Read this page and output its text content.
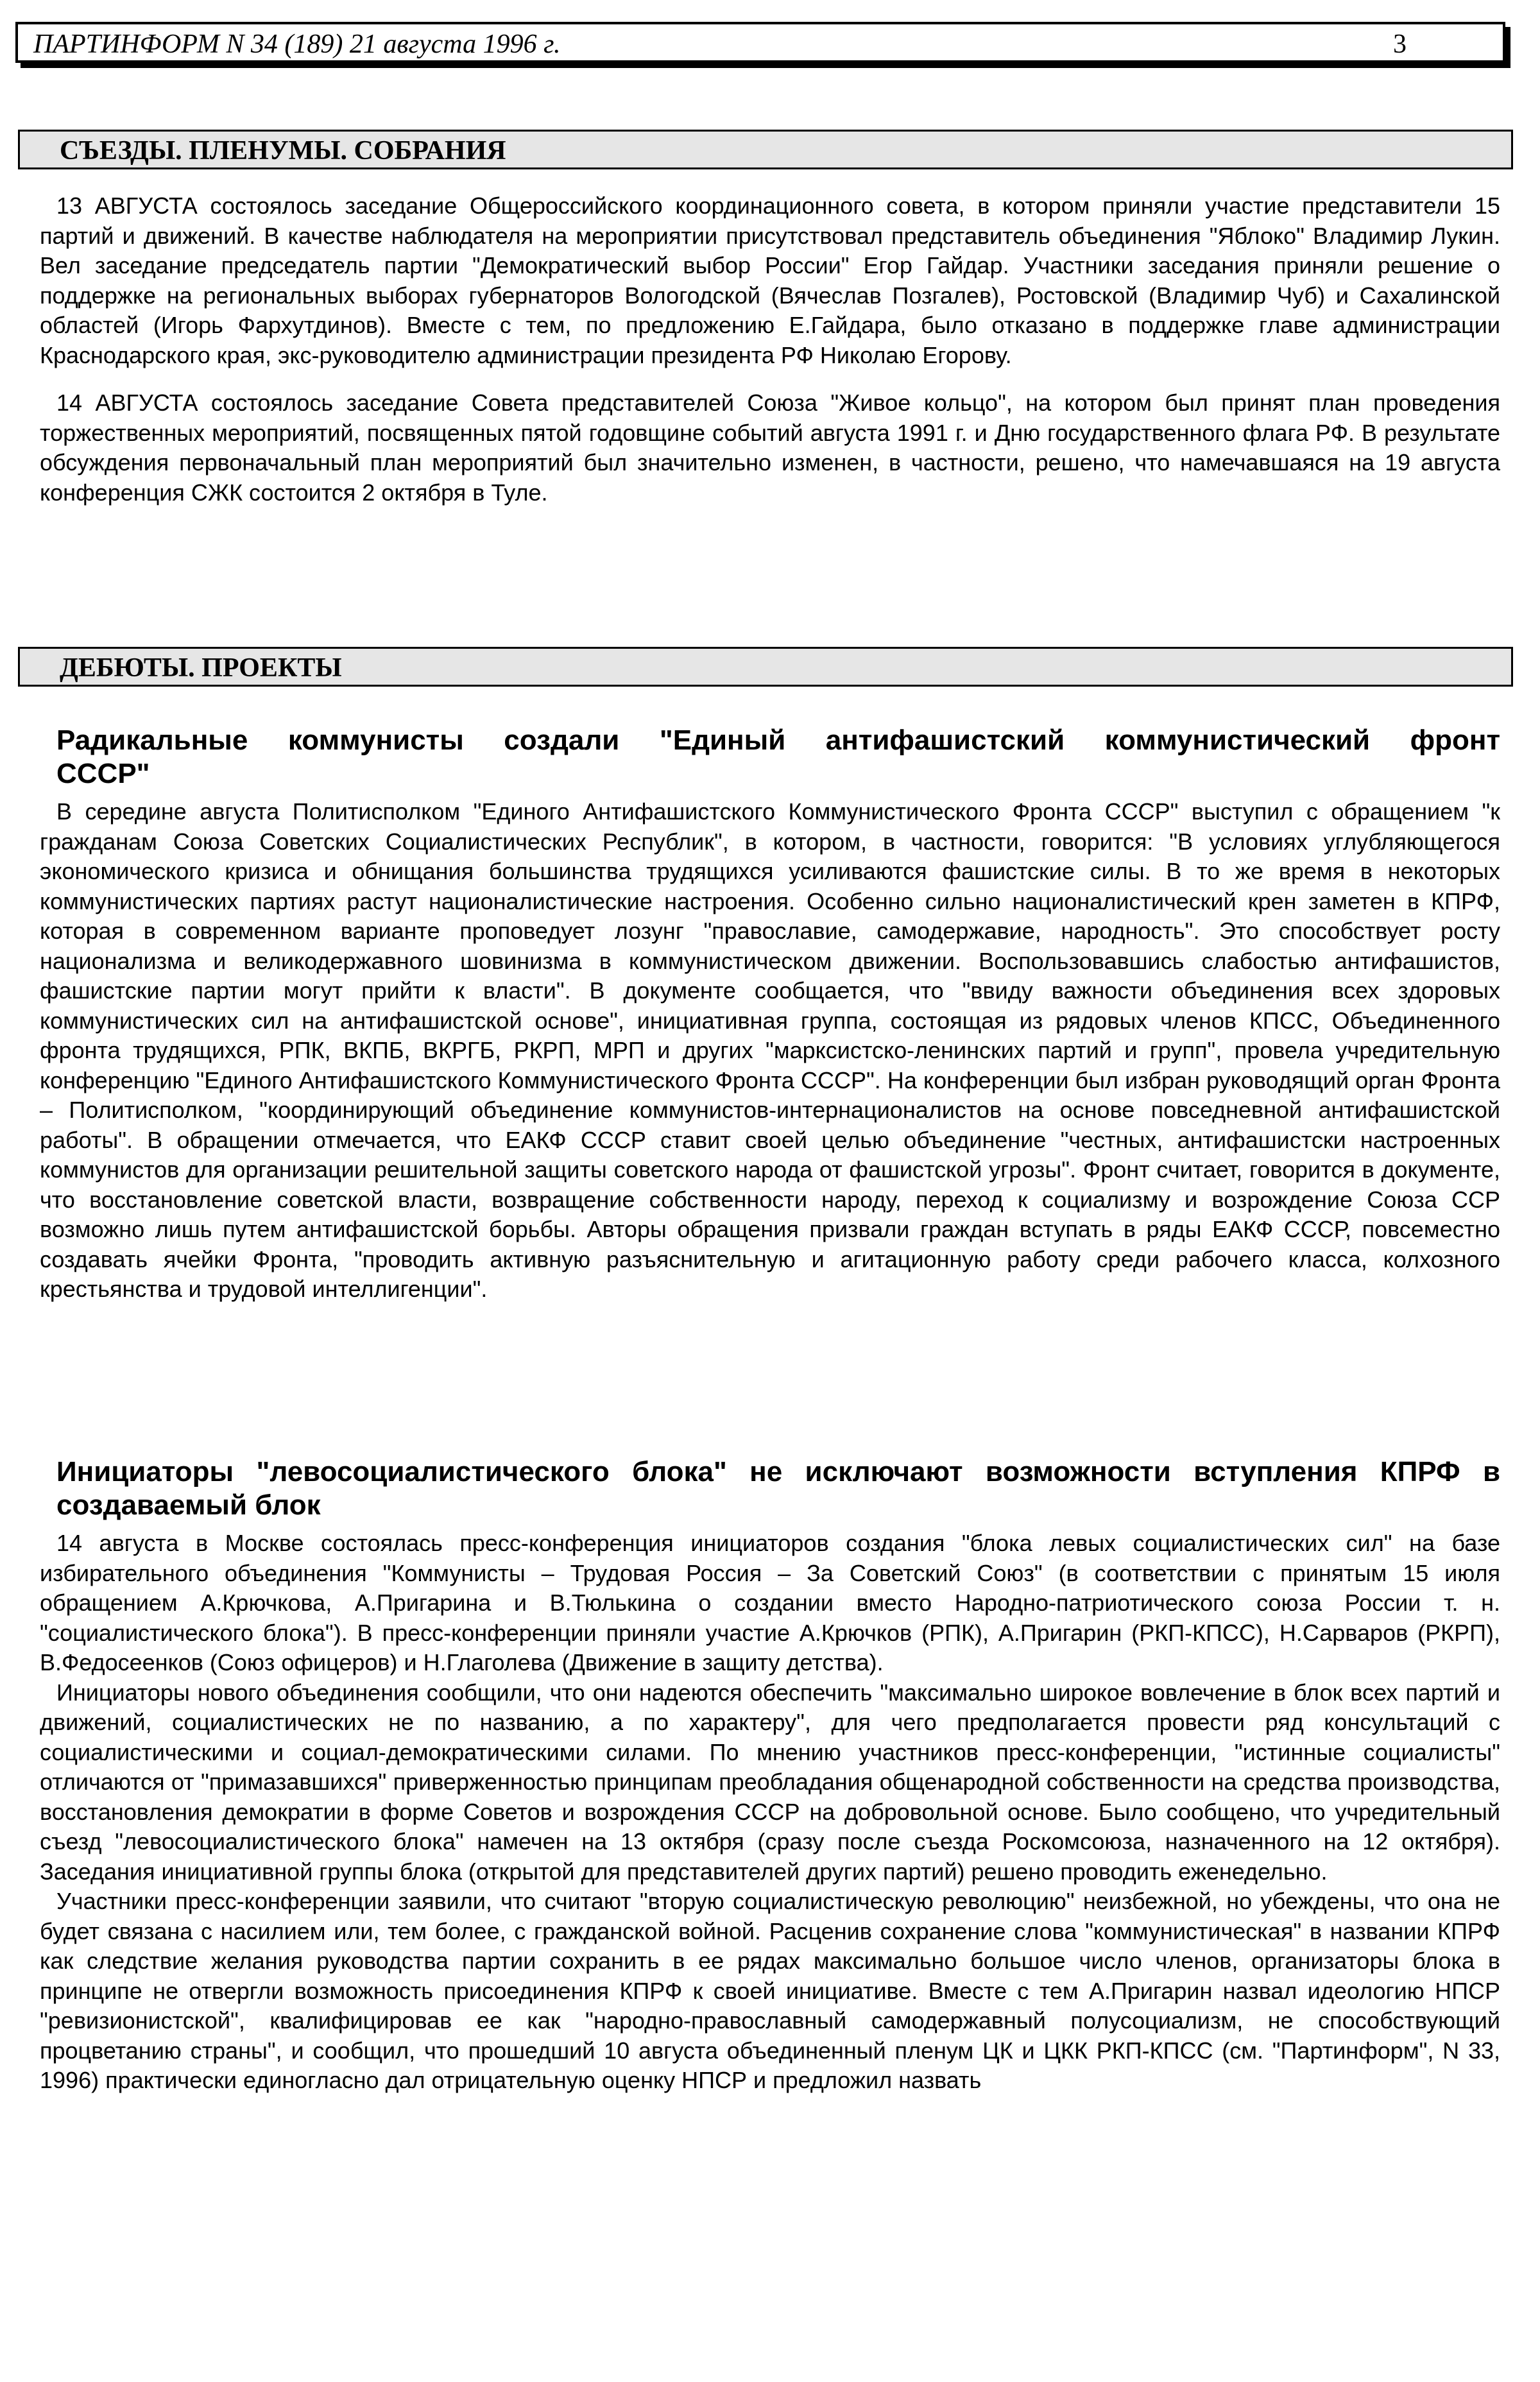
ПАРТИНФОРМ N 34 (189) 21 августа 1996 г.	3
СЪЕЗДЫ. ПЛЕНУМЫ. СОБРАНИЯ

13 АВГУСТА состоялось заседание Общероссийского координационного совета, в котором приняли участие представители 15 партий и движений. В качестве наблюдателя на мероприятии присутствовал представитель объединения "Яблоко" Владимир Лукин. Вел заседание председатель партии "Демократический выбор России" Егор Гайдар. Участники заседания приняли решение о поддержке на региональных выборах губернаторов Вологодской (Вячеслав Позгалев), Ростовской (Владимир Чуб) и Сахалинской областей (Игорь Фархутдинов). Вместе с тем, по предложению Е.Гайдара, было отказано в поддержке главе администрации Краснодарского края, экс-руководителю администрации президента РФ Николаю Егорову.

14 АВГУСТА состоялось заседание Совета представителей Союза "Живое кольцо", на котором был принят план проведения торжественных мероприятий, посвященных пятой годовщине событий августа 1991 г. и Дню государственного флага РФ. В результате обсуждения первоначальный план мероприятий был значительно изменен, в частности, решено, что намечавшаяся на 19 августа конференция СЖК состоится 2 октября в Туле.

ДЕБЮТЫ. ПРОЕКТЫ
Радикальные коммунисты создали "Единый антифашистский коммунистический фронт
СССР"

В середине августа Политисполком "Единого Антифашистского Коммунистического Фронта СССР" выступил с обращением "к гражданам Союза Советских Социалистических Республик", в котором, в частности, говорится: "В условиях углубляющегося экономического кризиса и обнищания большинства трудящихся усиливаются фашистские силы. В то же время в некоторых коммунистических партиях растут националистические настроения. Особенно сильно националистический крен заметен в КПРФ, которая в современном варианте проповедует лозунг "православие, самодержавие, народность". Это способствует росту национализма и великодержавного шовинизма в коммунистическом движении. Воспользовавшись слабостью антифашистов, фашистские партии могут прийти к власти". В документе сообщается, что "ввиду важности объединения всех здоровых коммунистических сил на антифашистской основе", инициативная группа, состоящая из рядовых членов КПСС, Объединенного фронта трудящихся, РПК, ВКПБ, ВКРГБ, РКРП, МРП и других "марксистско-ленинских партий и групп", провела учредительную конференцию "Единого Антифашистского Коммунистического Фронта СССР". На конференции был избран руководящий орган Фронта – Политисполком, "координирующий объединение коммунистов-интернационалистов на основе повседневной антифашистской работы". В обращении отмечается, что ЕАКФ СССР ставит своей целью объединение "честных, антифашистски настроенных коммунистов для организации решительной защиты советского народа от фашистской угрозы". Фронт считает, говорится в документе, что восстановление советской власти, возвращение собственности народу, переход к социализму и возрождение Союза ССР возможно лишь путем антифашистской борьбы. Авторы обращения призвали граждан вступать в ряды ЕАКФ СССР, повсеместно создавать ячейки Фронта, "проводить активную разъяснительную и агитационную работу среди рабочего класса, колхозного крестьянства и трудовой интеллигенции".

Инициаторы "левосоциалистического блока" не исключают возможности вступления КПРФ в
создаваемый блок

14 августа в Москве состоялась пресс-конференция инициаторов создания "блока левых социалистических сил" на базе избирательного объединения "Коммунисты – Трудовая Россия – За Советский Союз" (в соответствии с принятым 15 июля обращением А.Крючкова, А.Пригарина и В.Тюлькина о создании вместо Народно-патриотического союза России т. н. "социалистического блока"). В пресс-конференции приняли участие А.Крючков (РПК), А.Пригарин (РКП-КПСС), Н.Сарваров (РКРП), В.Федосеенков (Союз офицеров) и Н.Глаголева (Движение в защиту детства).

Инициаторы нового объединения сообщили, что они надеются обеспечить "максимально широкое вовлечение в блок всех партий и движений, социалистических не по названию, а по характеру", для чего предполагается провести ряд консультаций с социалистическими и социал-демократическими силами. По мнению участников пресс-конференции, "истинные социалисты" отличаются от "примазавшихся" приверженностью принципам преобладания общенародной собственности на средства производства, восстановления демократии в форме Советов и возрождения СССР на добровольной основе. Было сообщено, что учредительный съезд "левосоциалистического блока" намечен на 13 октября (сразу после съезда Роскомсоюза, назначенного на 12 октября). Заседания инициативной группы блока (открытой для представителей других партий) решено проводить еженедельно.

Участники пресс-конференции заявили, что считают "вторую социалистическую революцию" неизбежной, но убеждены, что она не будет связана с насилием или, тем более, с гражданской войной. Расценив сохранение слова "коммунистическая" в названии КПРФ как следствие желания руководства партии сохранить в ее рядах максимально большое число членов, организаторы блока в принципе не отвергли возможность присоединения КПРФ к своей инициативе. Вместе с тем А.Пригарин назвал идеологию НПСР "ревизионистской", квалифицировав ее как "народно-православный самодержавный полусоциализм, не способствующий процветанию страны", и сообщил, что прошедший 10 августа объединенный пленум ЦК и ЦКК РКП-КПСС (см. "Партинформ", N 33, 1996) практически единогласно дал отрицательную оценку НПСР и предложил назвать
